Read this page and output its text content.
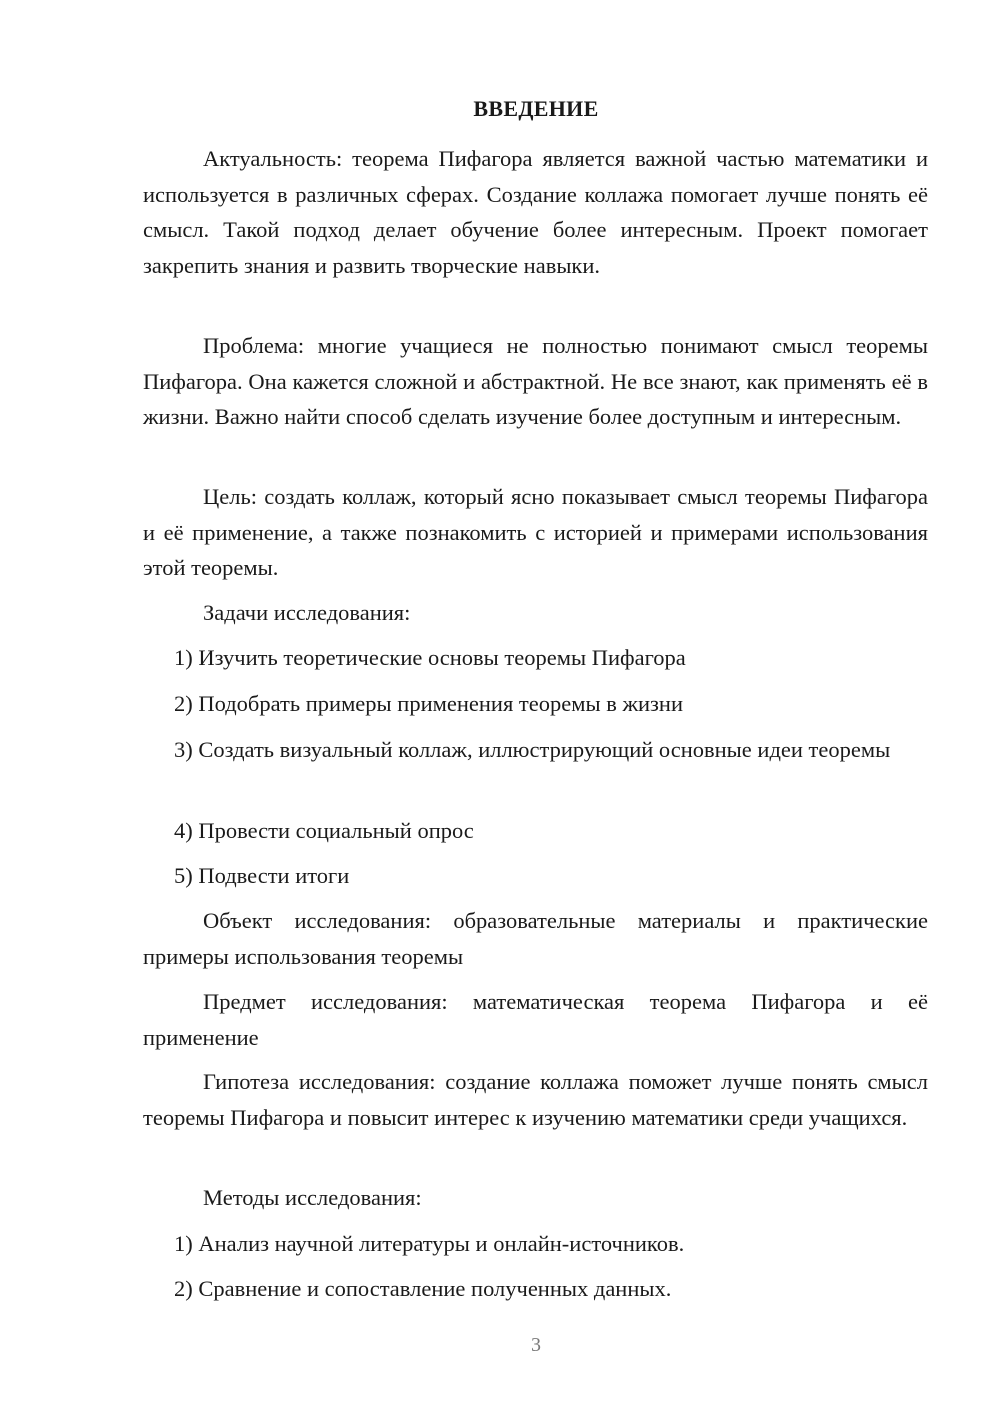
ВВЕДЕНИЕ
Актуальность: теорема Пифагора является важной частью математики и используется в различных сферах. Создание коллажа помогает лучше понять её смысл. Такой подход делает обучение более интересным. Проект помогает закрепить знания и развить творческие навыки.
Проблема: многие учащиеся не полностью понимают смысл теоремы Пифагора. Она кажется сложной и абстрактной. Не все знают, как применять её в жизни. Важно найти способ сделать изучение более доступным и интересным.
Цель: создать коллаж, который ясно показывает смысл теоремы Пифагора и её применение, а также познакомить с историей и примерами использования этой теоремы.
Задачи исследования:
1) Изучить теоретические основы теоремы Пифагора
2) Подобрать примеры применения теоремы в жизни
3) Создать визуальный коллаж, иллюстрирующий основные идеи теоремы
4) Провести социальный опрос
5) Подвести итоги
Объект исследования: образовательные материалы и практические примеры использования теоремы
Предмет исследования: математическая теорема Пифагора и её применение
Гипотеза исследования: создание коллажа поможет лучше понять смысл теоремы Пифагора и повысит интерес к изучению математики среди учащихся.
Методы исследования:
1) Анализ научной литературы и онлайн-источников.
2) Сравнение и сопоставление полученных данных.
3
